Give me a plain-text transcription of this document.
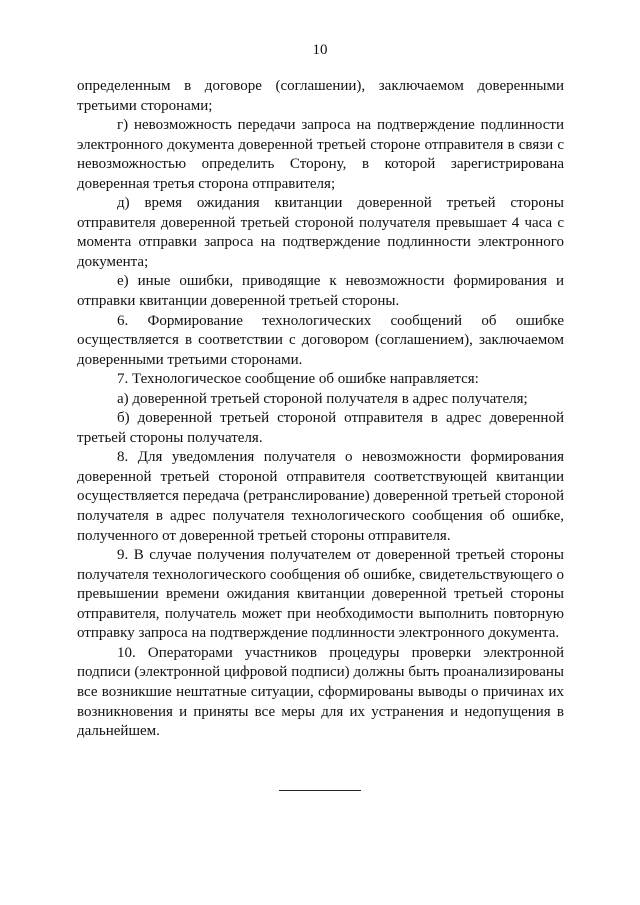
10

определенным в договоре (соглашении), заключаемом доверенными третьими сторонами;

г) невозможность передачи запроса на подтверждение подлинности электронного документа доверенной третьей стороне отправителя в связи с невозможностью определить Сторону, в которой зарегистрирована доверенная третья сторона отправителя;

д) время ожидания квитанции доверенной третьей стороны отправителя доверенной третьей стороной получателя превышает 4 часа с момента отправки запроса на подтверждение подлинности электронного документа;

е) иные ошибки, приводящие к невозможности формирования и отправки квитанции доверенной третьей стороны.

6. Формирование технологических сообщений об ошибке осуществляется в соответствии с договором (соглашением), заключаемом доверенными третьими сторонами.

7. Технологическое сообщение об ошибке направляется:

а) доверенной третьей стороной получателя в адрес получателя;

б) доверенной третьей стороной отправителя в адрес доверенной третьей стороны получателя.

8. Для уведомления получателя о невозможности формирования доверенной третьей стороной отправителя соответствующей квитанции осуществляется передача (ретранслирование) доверенной третьей стороной получателя в адрес получателя технологического сообщения об ошибке, полученного от доверенной третьей стороны отправителя.

9. В случае получения получателем от доверенной третьей стороны получателя технологического сообщения об ошибке, свидетельствующего о превышении времени ожидания квитанции доверенной третьей стороны отправителя, получатель может при необходимости выполнить повторную отправку запроса на подтверждение подлинности электронного документа.

10. Операторами участников процедуры проверки электронной подписи (электронной цифровой подписи) должны быть проанализированы все возникшие нештатные ситуации, сформированы выводы о причинах их возникновения и приняты все меры для их устранения и недопущения в дальнейшем.
